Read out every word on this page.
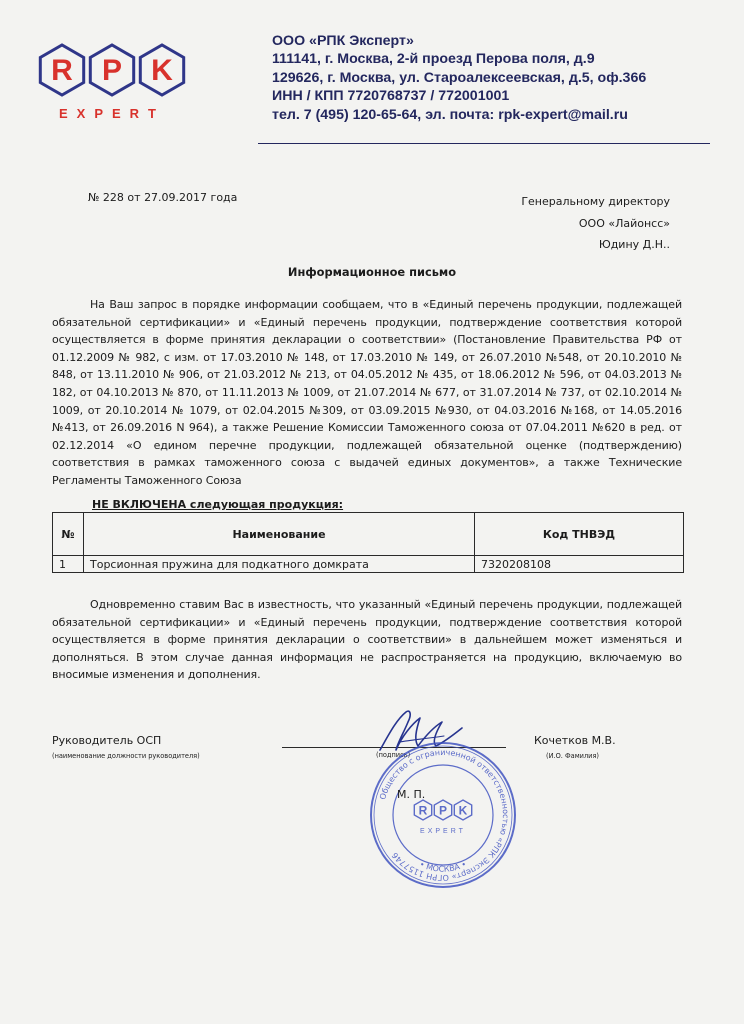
R P K
EXPERT
ООО «РПК Эксперт»
111141, г. Москва, 2-й проезд Перова поля, д.9
129626, г. Москва, ул. Староалексеевская, д.5, оф.366
ИНН / КПП 7720768737 / 772001001
тел. 7 (495) 120-65-64, эл. почта: rpk-expert@mail.ru
№ 228 от 27.09.2017 года	Генеральному директору
ООО «Лайонсс»
Юдину Д.Н..
Информационное письмо

На Ваш запрос в порядке информации сообщаем, что в «Единый перечень продукции, подлежащей обязательной сертификации» и «Единый перечень продукции, подтверждение соответствия которой осуществляется в форме принятия декларации о соответствии» (Постановление Правительства РФ от 01.12.2009 № 982, с изм. от 17.03.2010 № 148, от 17.03.2010 № 149, от 26.07.2010 №548, от 20.10.2010 № 848, от 13.11.2010 № 906, от 21.03.2012 № 213, от 04.05.2012 № 435, от 18.06.2012 № 596, от 04.03.2013 № 182, от 04.10.2013 № 870, от 11.11.2013 № 1009, от 21.07.2014 № 677, от 31.07.2014 № 737, от 02.10.2014 № 1009, от 20.10.2014 № 1079, от 02.04.2015 №309, от 03.09.2015 №930, от 04.03.2016 №168, от 14.05.2016 №413, от 26.09.2016 N 964), а также Решение Комиссии Таможенного союза от 07.04.2011 №620 в ред. от 02.12.2014 «О едином перечне продукции, подлежащей обязательной оценке (подтверждению) соответствия в рамках таможенного союза с выдачей единых документов», а также Технические Регламенты Таможенного Союза

НЕ ВКЛЮЧЕНА следующая продукция:
№	Наименование	Код ТНВЭД
1	Торсионная пружина для подкатного домкрата	7320208108

Одновременно ставим Вас в известность, что указанный «Единый перечень продукции, подлежащей обязательной сертификации» и «Единый перечень продукции, подтверждение соответствия которой осуществляется в форме принятия декларации о соответствии» в дальнейшем может изменяться и дополняться. В этом случае данная информация не распространяется на продукцию, включаемую во вносимые изменения и дополнения.

Руководитель ОСП
(наименование должности руководителя)	(подпись)
Кочетков М.В.
(И.О. Фамилия)
Общество с ограниченной ответственностью «РПК Эксперт» ОГРН 1157746
• МОСКВА •
R P K
EXPERT
М. П.
